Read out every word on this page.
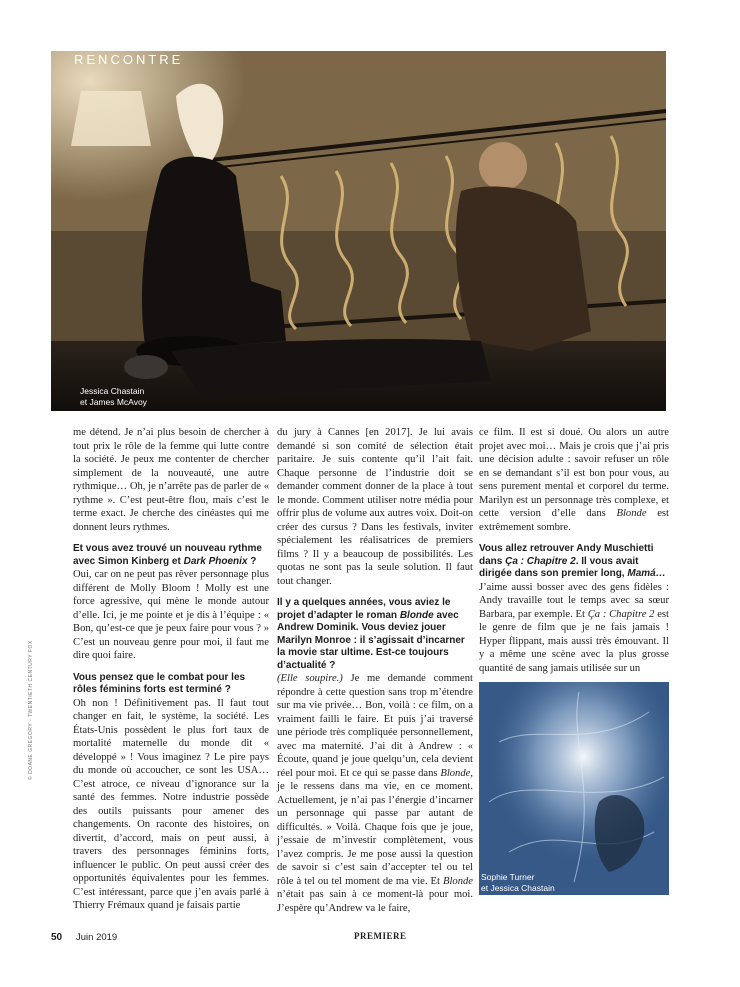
RENCONTRE
Jessica Chastain
et James McAvoy

me détend. Je n’ai plus besoin de chercher à tout prix le rôle de la femme qui lutte contre la société. Je peux me contenter de chercher simplement de la nouveauté, une autre rythmique… Oh, je n’arrête pas de parler de « rythme ». C’est peut-être flou, mais c’est le terme exact. Je cherche des cinéastes qui me donnent leurs rythmes.

Et vous avez trouvé un nouveau rythme avec Simon Kinberg et Dark Phoenix ?

Oui, car on ne peut pas rêver personnage plus différent de Molly Bloom ! Molly est une force agressive, qui mène le monde autour d’elle. Ici, je me pointe et je dis à l’équipe : « Bon, qu’est-ce que je peux faire pour vous ? » C’est un nouveau genre pour moi, il faut me dire quoi faire.

Vous pensez que le combat pour les rôles féminins forts est terminé ?

Oh non ! Définitivement pas. Il faut tout changer en fait, le système, la société. Les États-Unis possèdent le plus fort taux de mortalité maternelle du monde dit « développé » ! Vous imaginez ? Le pire pays du monde où accoucher, ce sont les USA… C’est atroce, ce niveau d’ignorance sur la santé des femmes. Notre industrie possède des outils puissants pour amener des changements. On raconte des histoires, on divertit, d’accord, mais on peut aussi, à travers des personnages féminins forts, influencer le public. On peut aussi créer des opportunités équivalentes pour les femmes. C’est intéressant, parce que j’en avais parlé à Thierry Frémaux quand je faisais partie

du jury à Cannes [en 2017]. Je lui avais demandé si son comité de sélection était paritaire. Je suis contente qu’il l’ait fait. Chaque personne de l’industrie doit se demander comment donner de la place à tout le monde. Comment utiliser notre média pour offrir plus de volume aux autres voix. Doit-on créer des cursus ? Dans les festivals, inviter spécialement les réalisatrices de premiers films ? Il y a beaucoup de possibilités. Les quotas ne sont pas la seule solution. Il faut tout changer.

Il y a quelques années, vous aviez le projet d’adapter le roman Blonde avec Andrew Dominik. Vous deviez jouer Marilyn Monroe : il s’agissait d’incarner la movie star ultime. Est-ce toujours d’actualité ?

(Elle soupire.) Je me demande comment répondre à cette question sans trop m’étendre sur ma vie privée… Bon, voilà : ce film, on a vraiment failli le faire. Et puis j’ai traversé une période très compliquée personnellement, avec ma maternité. J’ai dit à Andrew : « Écoute, quand je joue quelqu’un, cela devient réel pour moi. Et ce qui se passe dans Blonde, je le ressens dans ma vie, en ce moment. Actuellement, je n’ai pas l’énergie d’incarner un personnage qui passe par autant de difficultés. » Voilà. Chaque fois que je joue, j’essaie de m’investir complètement, vous l’avez compris. Je me pose aussi la question de savoir si c’est sain d’accepter tel ou tel rôle à tel ou tel moment de ma vie. Et Blonde n’était pas sain à ce moment-là pour moi. J’espère qu’Andrew va le faire,

ce film. Il est si doué. Ou alors un autre projet avec moi… Mais je crois que j’ai pris une décision adulte : savoir refuser un rôle en se demandant s’il est bon pour vous, au sens purement mental et corporel du terme. Marilyn est un personnage très complexe, et cette version d’elle dans Blonde est extrêmement sombre.

Vous allez retrouver Andy Muschietti dans Ça : Chapitre 2. Il vous avait dirigée dans son premier long, Mamá…

J’aime aussi bosser avec des gens fidèles : Andy travaille tout le temps avec sa sœur Barbara, par exemple. Et Ça : Chapitre 2 est le genre de film que je ne fais jamais ! Hyper flippant, mais aussi très émouvant. Il y a même une scène avec la plus grosse quantité de sang jamais utilisée sur un

Sophie Turner
et Jessica Chastain
© DOANE GREGORY - TWENTIETH CENTURY FOX
50 Juin 2019	PREMIERE
